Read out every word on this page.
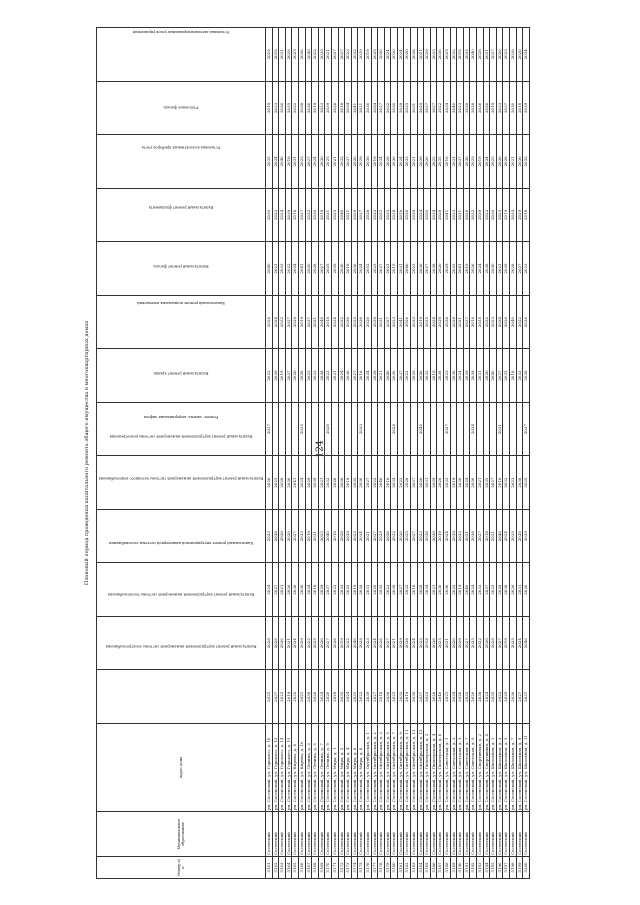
124
Плановый период проведения капитального ремонта общего имущества в многоквартирных домах
Номер п/п	Муниципальное образование	Адрес дома	Капитальный ремонт внутридомовой инженерной системы электроснабжения	Капитальный ремонт внутридомовой инженерной системы теплоснабжения	Капитальный ремонт внутридомовой инженерной системы газоснабжения	Капитальный ремонт внутридомовой инженерной системы холодного водоснабжения	Капитальный ремонт внутридомовой инженерной системы водоотведения	Ремонт, замена, модернизация лифтов	Капитальный ремонт крыши	Капитальный ремонт подвальных помещений	Капитальный ремонт фасада	Капитальный ремонт фундамента	Установка коллективных приборов учета	Утепление фасада	Установка автоматизированных узлов управления
5161	Сосенский	рп. Сосенский, ул. Горького, д. 10	2025	2038	2024	2023	2020	2037	2022	2028	2040	2030	2035	2019	2029
5162	Сосенский	рп. Сосенский, ул. Горького, д. 12	2037	2026	2027	2038	2025		2039	2024	2021	2023	2034	2033	2018
5163	Сосенский	рп. Сосенский, ул. Горького, д. 14	2023	2030	2021	2036	2028		2019	2032	2033	2024	2040	2026	2031
5164	Сосенский	рп. Сосенский, ул. Горького, д. 15	2019	2031	2026	2020	2036		2037	2027	2022	2039	2018	2035	2028
5165	Сосенский	рп. Сосенский, ул. Кирова, д. 8	2032	2024	2036	2027	2041		2020	2029	2034	2018	2031	2022	2025
5166	Сосенский	рп. Сосенский, ул. Кирова, д. 10	2021	2039	2030	2033	2024	2035	2028	2019	2041	2027	2023	2038	2036
5167	Сосенский	рп. Сосенский, ул. Ленина, д. 3	2038	2022	2034	2019	2029		2025	2037	2020	2032	2027	2030	2040
5168	Сосенский	рп. Сосенский, ул. Ленина, д. 5	2026	2035	2018	2031	2039		2033	2021	2028	2036	2024	2019	2022
5169	Сосенский	рп. Сосенский, ул. Ленина, д. 7	2034	2020	2029	2025	2021		2038	2040	2027	2019	2030	2023	2033
5170	Сосенский	рп. Сосенский, ул. Ленина, д. 9	2020	2027	2037	2040	2032	2026	2023	2018	2035	2031	2025	2039	2021
5171	Сосенский	рп. Сосенский, ул. Мира, д. 1	2029	2036	2022	2018	2026		2031	2034	2039	2025	2021	2028	2037
5172	Сосенский	рп. Сосенский, ул. Мира, д. 2	2035	2019	2033	2028	2038		2024	2022	2030	2040	2032	2018	2027
5173	Сосенский	рп. Сосенский, ул. Мира, д. 4	2024	2032	2025	2039	2019		2036	2030	2018	2021	2037	2034	2023
5174	Сосенский	рп. Сосенский, ул. Мира, д. 6	2031	2040	2019	2023	2035		2027	2025	2036	2029	2020	2041	2032
5175	Сосенский	рп. Сосенский, ул. Мира, д. 8	2022	2028	2038	2034	2030	2033	2018	2036	2024	2037	2029	2021	2039
5176	Сосенский	рп. Сосенский, ул. Октябрьская, д. 1	2039	2023	2031	2021	2027		2034	2020	2032	2026	2038	2036	2019
5177	Сосенский	рп. Сосенский, ул. Октябрьская, д. 2	2027	2034	2020	2037	2022		2029	2039	2025	2033	2019	2024	2035
5178	Сосенский	рп. Сосенский, ул. Октябрьская, д. 3	2018	2026	2035	2029	2040		2021	2031	2037	2022	2034	2027	2030
5179	Сосенский	рп. Сосенский, ул. Октябрьская, д. 5	2036	2037	2023	2026	2018		2040	2027	2021	2035	2028	2032	2024
5180	Сосенский	рп. Сосенский, ул. Октябрьская, д. 7	2025	2021	2039	2032	2034	2028	2030	2023	2019	2038	2036	2020	2026
5181	Сосенский	рп. Сосенский, ул. Октябрьская, д. 9	2033	2029	2027	2020	2023		2037	2041	2031	2018	2024	2039	2034
5182	Сосенский	рп. Сосенский, ул. Октябрьская, д. 11	2019	2038	2032	2035	2028		2022	2026	2040	2030	2033	2025	2020
5183	Сосенский	рп. Сосенский, ул. Октябрьская, д. 13	2030	2024	2018	2027	2037		2035	2033	2023	2039	2021	2031	2038
5184	Сосенский	рп. Сосенский, ул. Октябрьская, д. 15	2037	2033	2028	2022	2020	2040	2026	2019	2036	2024	2039	2029	2021
5185	Сосенский	рп. Сосенский, ул. Пионерская, д. 2	2023	2018	2034	2038	2031		2032	2035	2027	2020	2026	2037	2029
5186	Сосенский	рп. Сосенский, ул. Пионерская, д. 4	2028	2036	2021	2030	2039		2019	2024	2038	2034	2022	2027	2033
5187	Сосенский	рп. Сосенский, ул. Пионерская, д. 6	2040	2025	2030	2019	2026		2038	2029	2020	2028	2035	2022	2036
5188	Сосенский	рп. Сосенский, ул. Советская, д. 1	2021	2031	2036	2024	2033	2027	2023	2038	2029	2041	2018	2034	2025
5189	Сосенский	рп. Сосенский, ул. Советская, д. 3	2034	2020	2025	2039	2019		2036	2028	2033	2023	2031	2040	2032
5190	Сосенский	рп. Сосенский, ул. Советская, д. 5	2026	2039	2019	2033	2036		2024	2021	2041	2031	2037	2023	2018
5191	Сосенский	рп. Сосенский, ул. Советская, д. 7	2032	2027	2040	2021	2024		2029	2037	2019	2026	2030	2038	2035
5192	Сосенский	рп. Сосенский, ул. Советская, д. 9	2020	2035	2024	2036	2030	2034	2039	2018	2026	2032	2023	2028	2040
5193	Сосенский	рп. Сосенский, ул. Спортивная, д. 2	2038	2022	2033	2027	2021		2031	2035	2024	2039	2019	2036	2028
5194	Сосенский	рп. Сосенский, ул. Спортивная, д. 4	2024	2030	2037	2018	2035		2020	2032	2038	2022	2034	2026	2031
5195	Сосенский	рп. Сосенский, ул. Школьная, д. 1	2035	2028	2022	2031	2027		2040	2023	2030	2036	2025	2019	2037
5196	Сосенский	рп. Сосенский, ул. Школьная, д. 3	2022	2037	2029	2040	2018	2031	2027	2034	2021	2025	2038	2033	2020
5197	Сосенский	рп. Сосенский, ул. Школьная, д. 5	2029	2019	2038	2024	2032		2035	2026	2039	2019	2028	2037	2023
5198	Сосенский	рп. Сосенский, ул. Школьная, д. 7	2036	2033	2026	2035	2023		2018	2040	2028	2034	2021	2030	2038
5199	Сосенский	рп. Сосенский, ул. Школьная, д. 9	2027	2024	2031	2020	2038		2033	2022	2037	2029	2036	2018	2026
5200	Сосенский	рп. Сосенский, ул. Школьная, д. 11	2031	2040	2020	2029	2025	2037	2028	2036	2023	2018	2032	2039	2034
